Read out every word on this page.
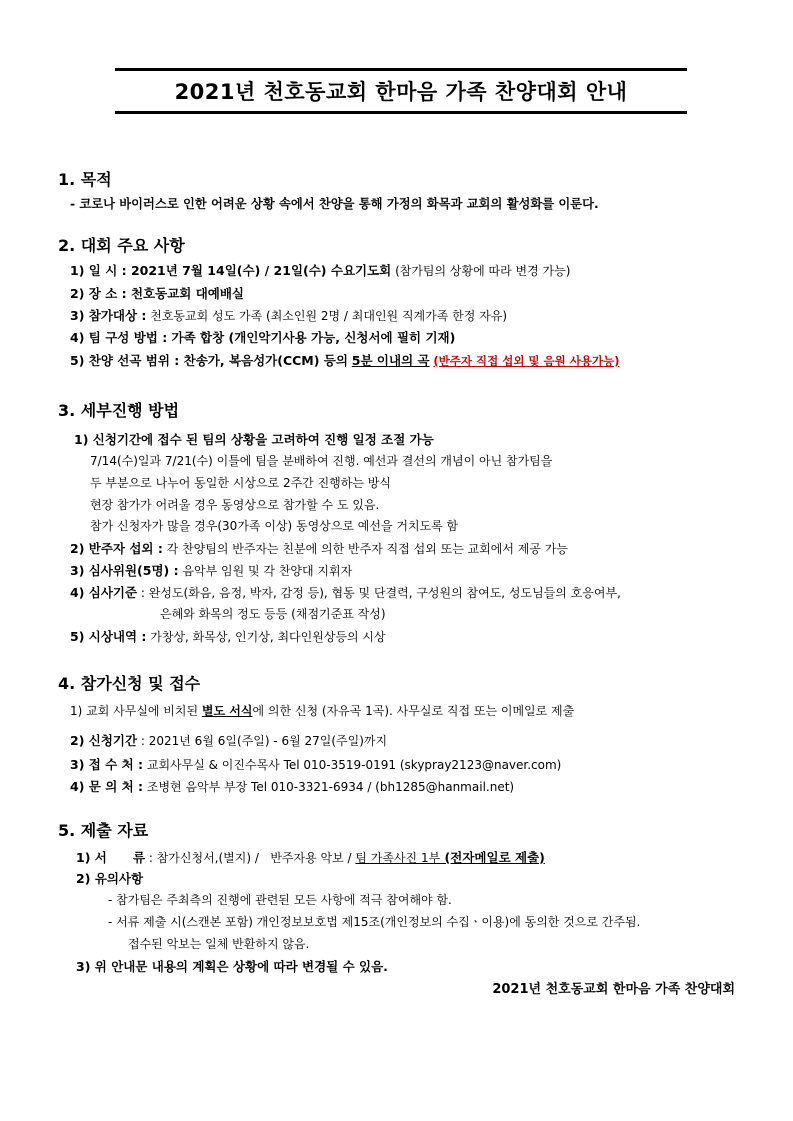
2021년 천호동교회 한마음 가족 찬양대회 안내
1. 목적
- 코로나 바이러스로 인한 어려운 상황 속에서 찬양을 통해 가정의 화목과 교회의 활성화를 이룬다.
2. 대회 주요 사항
1) 일 시 : 2021년 7월 14일(수) / 21일(수) 수요기도회 (참가팀의 상황에 따라 변경 가능)
2) 장 소 : 천호동교회 대예배실
3) 참가대상 : 천호동교회 성도 가족 (최소인원 2명 / 최대인원 직계가족 한정 자유)
4) 팀 구성 방법 : 가족 합창 (개인악기사용 가능, 신청서에 필히 기재)
5) 찬양 선곡 범위 : 찬송가, 복음성가(CCM) 등의 5분 이내의 곡 (반주자 직접 섭외 및 음원 사용가능)
3. 세부진행 방법
1) 신청기간에 접수 된 팀의 상황을 고려하여 진행 일정 조절 가능
7/14(수)일과 7/21(수) 이틀에 팀을 분배하여 진행. 예선과 결선의 개념이 아닌 참가팀을
두 부분으로 나누어 동일한 시상으로 2주간 진행하는 방식
현장 참가가 어려울 경우 동영상으로 참가할 수 도 있음.
참가 신청자가 많을 경우(30가족 이상) 동영상으로 예선을 거치도록 함
2) 반주자 섭외 : 각 찬양팀의 반주자는 친분에 의한 반주자 직접 섭외 또는 교회에서 제공 가능
3) 심사위원(5명) : 음악부 임원 및 각 찬양대 지휘자
4) 심사기준 : 완성도(화음, 음정, 박자, 감정 등), 협동 및 단결력, 구성원의 참여도, 성도님들의 호응여부,
은혜와 화목의 정도 등등 (채점기준표 작성)
5) 시상내역 : 가창상, 화목상, 인기상, 최다인원상등의 시상
4. 참가신청 및 접수
1) 교회 사무실에 비치된 별도 서식에 의한 신청 (자유곡 1곡). 사무실로 직접 또는 이메일로 제출
2) 신청기간 : 2021년 6월 6일(주일) - 6월 27일(주일)까지
3) 접 수 처 : 교회사무실 & 이진수목사 Tel 010-3519-0191 (skypray2123@naver.com)
4) 문 의 처 : 조병현 음악부 부장 Tel 010-3321-6934 / (bh1285@hanmail.net)
5. 제출 자료
1) 서      류 : 참가신청서,(별지) /   반주자용 악보 / 팀 가족사진 1부 (전자메일로 제출)
2) 유의사항
- 참가팀은 주최측의 진행에 관련된 모든 사항에 적극 참여해야 함.
- 서류 제출 시(스캔본 포함) 개인정보보호법 제15조(개인정보의 수집ㆍ이용)에 동의한 것으로 간주됨.
접수된 악보는 일체 반환하지 않음.
3) 위 안내문 내용의 계획은 상황에 따라 변경될 수 있음.
2021년 천호동교회 한마음 가족 찬양대회
